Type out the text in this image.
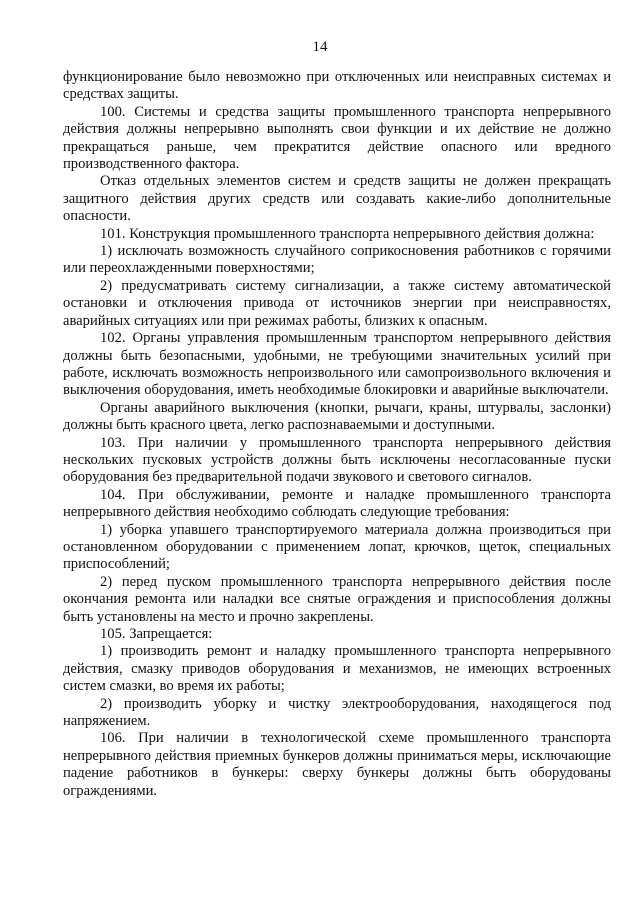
14

функционирование было невозможно при отключенных или неисправных системах и средствах защиты.

100. Системы и средства защиты промышленного транспорта непрерывного действия должны непрерывно выполнять свои функции и их действие не должно прекращаться раньше, чем прекратится действие опасного или вредного производственного фактора.

Отказ отдельных элементов систем и средств защиты не должен прекращать защитного действия других средств или создавать какие-либо дополнительные опасности.

101. Конструкция промышленного транспорта непрерывного действия должна:

1) исключать возможность случайного соприкосновения работников с горячими или переохлажденными поверхностями;

2) предусматривать систему сигнализации, а также систему автоматической остановки и отключения привода от источников энергии при неисправностях, аварийных ситуациях или при режимах работы, близких к опасным.

102. Органы управления промышленным транспортом непрерывного действия должны быть безопасными, удобными, не требующими значительных усилий при работе, исключать возможность непроизвольного или самопроизвольного включения и выключения оборудования, иметь необходимые блокировки и аварийные выключатели.

Органы аварийного выключения (кнопки, рычаги, краны, штурвалы, заслонки) должны быть красного цвета, легко распознаваемыми и доступными.

103. При наличии у промышленного транспорта непрерывного действия нескольких пусковых устройств должны быть исключены несогласованные пуски оборудования без предварительной подачи звукового и светового сигналов.

104. При обслуживании, ремонте и наладке промышленного транспорта непрерывного действия необходимо соблюдать следующие требования:

1) уборка упавшего транспортируемого материала должна производиться при остановленном оборудовании с применением лопат, крючков, щеток, специальных приспособлений;

2) перед пуском промышленного транспорта непрерывного действия после окончания ремонта или наладки все снятые ограждения и приспособления должны быть установлены на место и прочно закреплены.

105. Запрещается:

1) производить ремонт и наладку промышленного транспорта непрерывного действия, смазку приводов оборудования и механизмов, не имеющих встроенных систем смазки, во время их работы;

2) производить уборку и чистку электрооборудования, находящегося под напряжением.

106. При наличии в технологической схеме промышленного транспорта непрерывного действия приемных бункеров должны приниматься меры, исключающие падение работников в бункеры: сверху бункеры должны быть оборудованы ограждениями.
